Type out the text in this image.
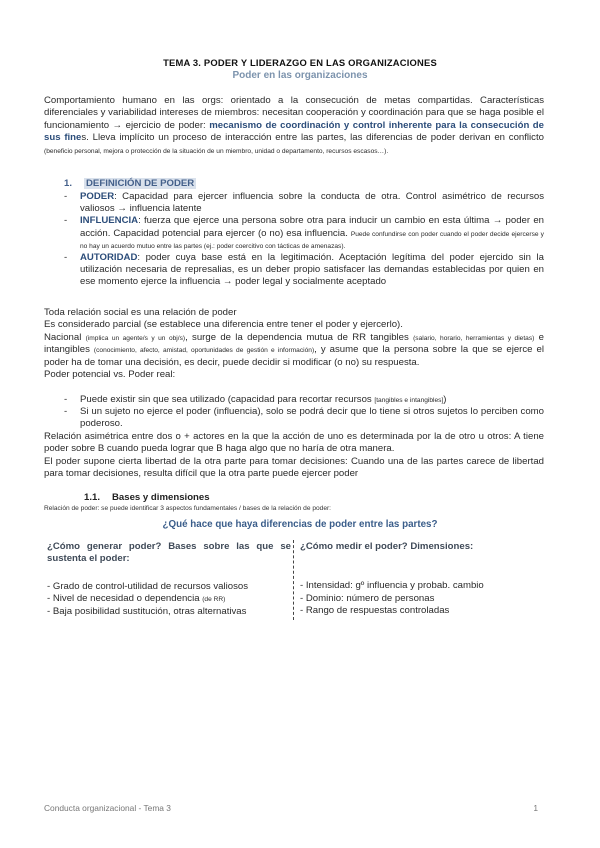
TEMA 3. PODER Y LIDERAZGO EN LAS ORGANIZACIONES
Poder en las organizaciones
Comportamiento humano en las orgs: orientado a la consecución de metas compartidas. Características diferenciales y variabilidad intereses de miembros: necesitan cooperación y coordinación para que se haga posible el funcionamiento → ejercicio de poder: mecanismo de coordinación y control inherente para la consecución de sus fines. Lleva implícito un proceso de interacción entre las partes, las diferencias de poder derivan en conflicto (beneficio personal, mejora o protección de la situación de un miembro, unidad o departamento, recursos escasos…).
1. DEFINICIÓN DE PODER
- PODER: Capacidad para ejercer influencia sobre la conducta de otra. Control asimétrico de recursos valiosos → influencia latente
- INFLUENCIA: fuerza que ejerce una persona sobre otra para inducir un cambio en esta última → poder en acción. Capacidad potencial para ejercer (o no) esa influencia. Puede confundirse con poder cuando el poder decide ejercerse y no hay un acuerdo mutuo entre las partes (ej.: poder coercitivo con tácticas de amenazas).
- AUTORIDAD: poder cuya base está en la legitimación. Aceptación legítima del poder ejercido sin la utilización necesaria de represalias, es un deber propio satisfacer las demandas establecidas por quien en ese momento ejerce la influencia → poder legal y socialmente aceptado
Toda relación social es una relación de poder
Es considerado parcial (se establece una diferencia entre tener el poder y ejercerlo).
Nacional (implica un agente/s y un obj/s), surge de la dependencia mutua de RR tangibles (salario, horario, herramientas y dietas) e intangibles (conocimiento, afecto, amistad, oportunidades de gestión e información), y asume que la persona sobre la que se ejerce el poder ha de tomar una decisión, es decir, puede decidir si modificar (o no) su respuesta.
Poder potencial vs. Poder real:
- Puede existir sin que sea utilizado (capacidad para recortar recursos [tangibles e intangibles])
- Si un sujeto no ejerce el poder (influencia), solo se podrá decir que lo tiene si otros sujetos lo perciben como poderoso.
Relación asimétrica entre dos o + actores en la que la acción de uno es determinada por la de otro u otros: A tiene poder sobre B cuando pueda lograr que B haga algo que no haría de otra manera.
El poder supone cierta libertad de la otra parte para tomar decisiones: Cuando una de las partes carece de libertad para tomar decisiones, resulta difícil que la otra parte puede ejercer poder
1.1. Bases y dimensiones
Relación de poder: se puede identificar 3 aspectos fundamentales / bases de la relación de poder:
¿Qué hace que haya diferencias de poder entre las partes?
¿Cómo generar poder? Bases sobre las que se sustenta el poder:
- Grado de control-utilidad de recursos valiosos
- Nivel de necesidad o dependencia (de RR)
- Baja posibilidad sustitución, otras alternativas
¿Cómo medir el poder? Dimensiones:
- Intensidad: gº influencia y probab. cambio
- Dominio: número de personas
- Rango de respuestas controladas
Conducta organizacional - Tema 3	1
